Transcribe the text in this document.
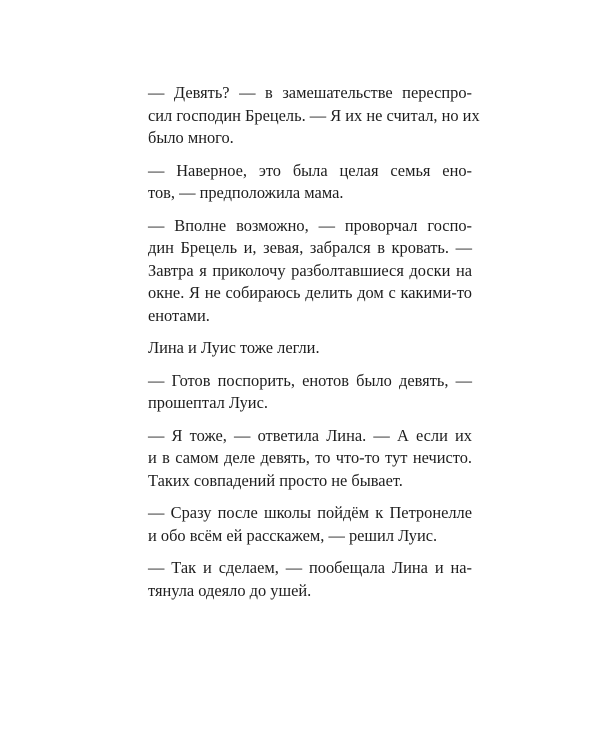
— Девять? — в замешательстве переспро-
сил господин Брецель. — Я их не считал, но их
было много.
— Наверное, это была целая семья ено-
тов, — предположила мама.
— Вполне возможно, — проворчал госпо-
дин Брецель и, зевая, забрался в кровать. —
Завтра я приколочу разболтавшиеся доски на
окне. Я не собираюсь делить дом с какими-то
енотами.
Лина и Луис тоже легли.
— Готов поспорить, енотов было девять, —
прошептал Луис.
— Я тоже, — ответила Лина. — А если их
и в самом деле девять, то что-то тут нечисто.
Таких совпадений просто не бывает.
— Сразу после школы пойдём к Петронелле
и обо всём ей расскажем, — решил Луис.
— Так и сделаем, — пообещала Лина и на-
тянула одеяло до ушей.
